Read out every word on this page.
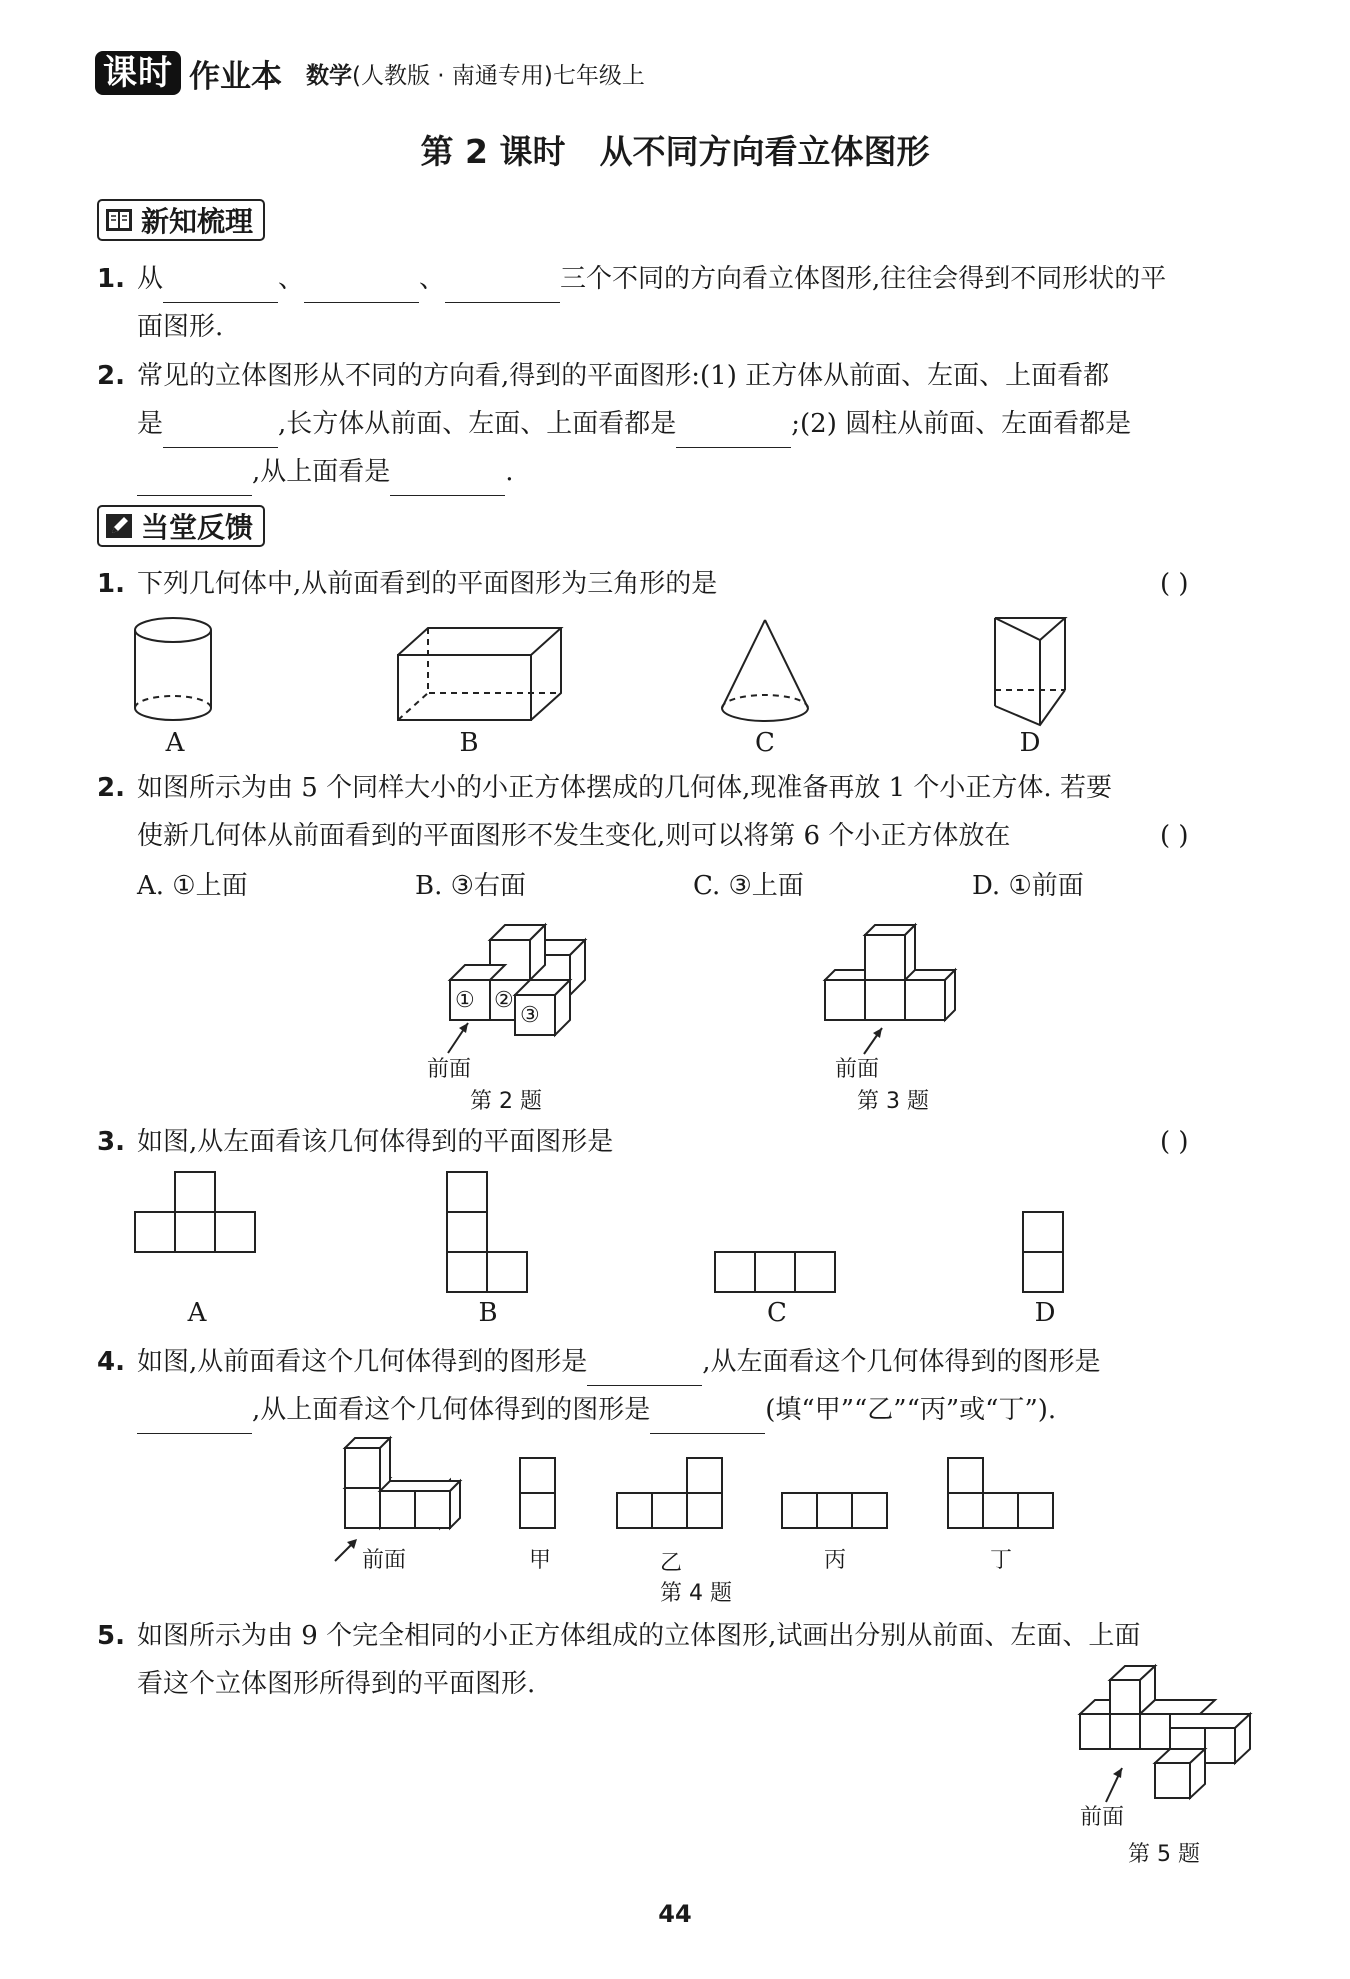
课时 作业本 数学(人教版 · 南通专用)七年级上
第 2 课时 从不同方向看立体图形
新知梳理
1. 从	、	、	三个不同的方向看立体图形,往往会得到不同形状的平
面图形.
2. 常见的立体图形从不同的方向看,得到的平面图形:(1) 正方体从前面、左面、上面看都
是	,长方体从前面、左面、上面看都是	;(2) 圆柱从前面、左面看都是
,从上面看是	.
当堂反馈
1. 下列几何体中,从前面看到的平面图形为三角形的是	( )
A	B	C	D
2. 如图所示为由 5 个同样大小的小正方体摆成的几何体,现准备再放 1 个小正方体. 若要
使新几何体从前面看到的平面图形不发生变化,则可以将第 6 个小正方体放在	( )
A. ①上面	B. ③右面	C. ③上面	D. ①前面
① ②
③
前面
第 2 题
前面
第 3 题
3. 如图,从左面看该几何体得到的平面图形是	( )
A	B	C	D
4. 如图,从前面看这个几何体得到的图形是	,从左面看这个几何体得到的图形是
,从上面看这个几何体得到的图形是	(填“甲”“乙”“丙”或“丁”).
前面	甲	乙	丙	丁
第 4 题
5. 如图所示为由 9 个完全相同的小正方体组成的立体图形,试画出分别从前面、左面、上面
看这个立体图形所得到的平面图形.
前面
第 5 题
44
